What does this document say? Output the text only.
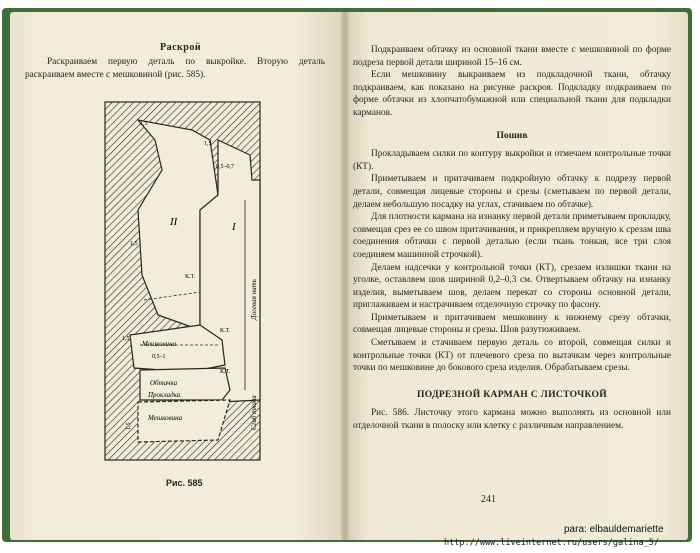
Раскрой

Раскраиваем первую деталь по выкройке. Вторую деталь раскраиваем вместе с мешковиной (рис. 585).

1,5
1,5
0,5–0,7
1,5
1,5
II	I
К.Т.
К.Т.
К.Т.
Долевая нить
Сгиб ткани
Мешковина
0,5–1
Обтачка
Прокладка
Мешковина
1,5
Рис. 585

Подкраиваем обтачку из основной ткани вместе с мешковиной по форме подреза первой детали шириной 15–16 см.

Если мешковину выкраиваем из подкладочной ткани, обтачку подкраиваем, как показано на рисунке раскроя. Подкладку подкраиваем по форме обтачки из хлопчатобумажной или специальной ткани для подкладки карманов.

Пошив

Прокладываем силки по контуру выкройки и отмечаем контрольные точки (КТ).

Приметываем и притачиваем подкройную обтачку к подрезу первой детали, совмещая лицевые стороны и срезы (сметываем по первой детали, делаем небольшую посадку на углах, стачиваем по обтачке).

Для плотности кармана на изнанку первой детали приметываем прокладку, совмещая срез ее со швом притачивания, и прикрепляем вручную к срезам шва соединения обтачки с первой деталью (если ткань тонкая, все три слоя соединяем машинной строчкой).

Делаем надсечки у контрольной точки (КТ), срезаем излишки ткани на уголке, оставляем шов шириной 0,2–0,3 см. Отвертываем обтачку на изнанку изделия, выметываем шов, делаем перекат со стороны основной детали, приглаживаем и настрачиваем отделочную строчку по фасону.

Приметываем и притачиваем мешковину к нижнему срезу обтачки, совмещая лицевые стороны и срезы. Шов разутюживаем.

Сметываем и стачиваем первую деталь со второй, совмещая силки и контрольные точки (КТ) от плечевого среза по вытачкам через контрольные точки по мешковине до бокового среза изделия. Обрабатываем срезы.

ПОДРЕЗНОЙ КАРМАН С ЛИСТОЧКОЙ

Рис. 586. Листочку этого кармана можно выполнять из основной или отделочной ткани в полоску или клетку с различным направлением.

241
para: elbauldemariette
http://www.liveinternet.ru/users/galina_5/
